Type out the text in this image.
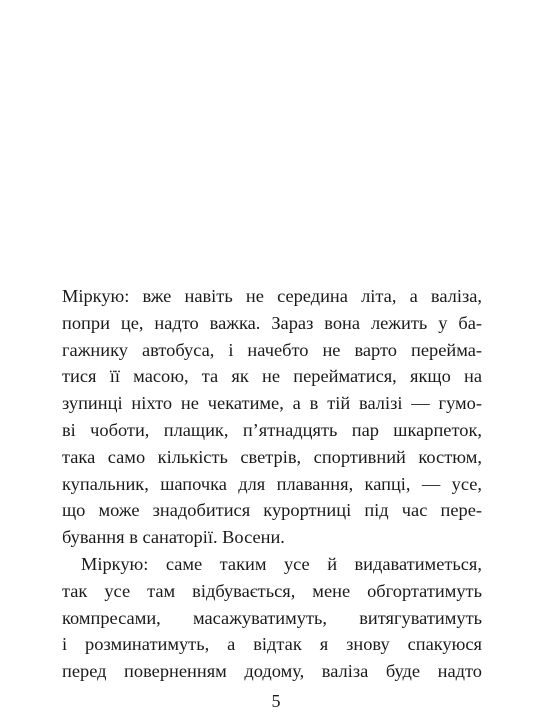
Міркую: вже навіть не середина літа, а валіза,
попри це, надто важка. Зараз вона лежить у ба-
гажнику автобуса, і начебто не варто перейма-
тися її масою, та як не перейматися, якщо на
зупинці ніхто не чекатиме, а в тій валізі — гумо-
ві чоботи, плащик, п’ятнадцять пар шкарпеток,
така само кількість светрів, спортивний костюм,
купальник, шапочка для плавання, капці, — усе,
що може знадобитися курортниці під час пере-
бування в санаторії. Восени.
Міркую: саме таким усе й видаватиметься,
так усе там відбувається, мене обгортатимуть
компресами, масажуватимуть, витягуватимуть
і розминатимуть, а відтак я знову спакуюся
перед поверненням додому, валіза буде надто
5
